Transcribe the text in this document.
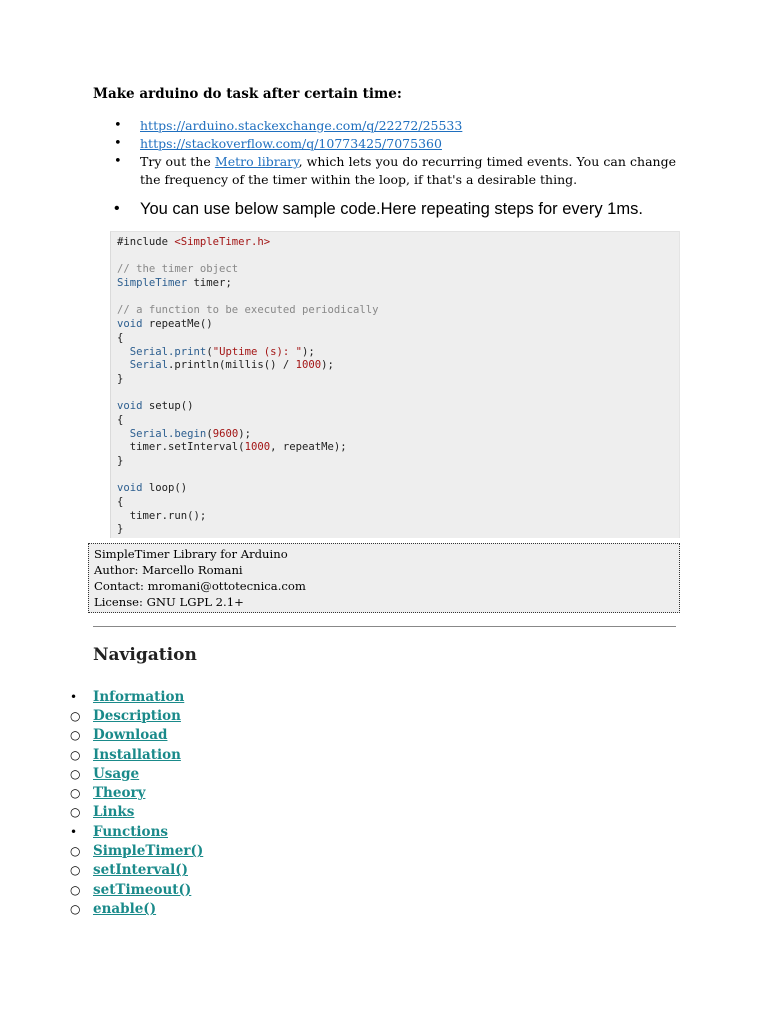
Make arduino do task after certain time:
•	https://arduino.stackexchange.com/q/22272/25533
•	https://stackoverflow.com/q/10773425/7075360
•	Try out the Metro library, which lets you do recurring timed events. You can change the frequency of the timer within the loop, if that's a desirable thing.
•	You can use below sample code.Here repeating steps for every 1ms.
#include <SimpleTimer.h>
// the timer object
SimpleTimer timer;
// a function to be executed periodically
void repeatMe()
{
Serial.print("Uptime (s): ");
Serial.println(millis() / 1000);
}
void setup()
{
Serial.begin(9600);
timer.setInterval(1000, repeatMe);
}
void loop()
{
timer.run();
}
SimpleTimer Library for Arduino
Author: Marcello Romani
Contact: mromani@ottotecnica.com
License: GNU LGPL 2.1+
Navigation
•	Information
○ Description
○ Download
○ Installation
○ Usage
○ Theory
○ Links
•	Functions
○ SimpleTimer()
○ setInterval()
○ setTimeout()
○ enable()
